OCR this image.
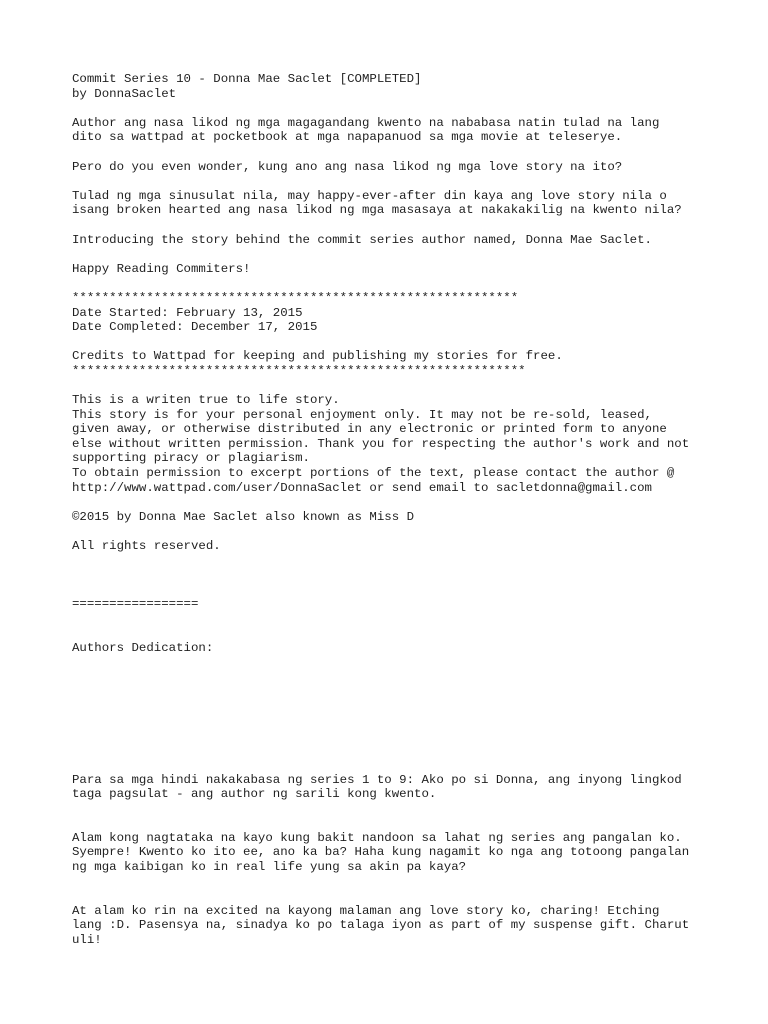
Commit Series 10 - Donna Mae Saclet [COMPLETED]
by DonnaSaclet

Author ang nasa likod ng mga magagandang kwento na nababasa natin tulad na lang
dito sa wattpad at pocketbook at mga napapanuod sa mga movie at teleserye.

Pero do you even wonder, kung ano ang nasa likod ng mga love story na ito?

Tulad ng mga sinusulat nila, may happy-ever-after din kaya ang love story nila o
isang broken hearted ang nasa likod ng mga masasaya at nakakakilig na kwento nila?

Introducing the story behind the commit series author named, Donna Mae Saclet.

Happy Reading Commiters!

************************************************************
Date Started: February 13, 2015
Date Completed: December 17, 2015

Credits to Wattpad for keeping and publishing my stories for free.
*************************************************************

This is a writen true to life story.
This story is for your personal enjoyment only. It may not be re-sold, leased,
given away, or otherwise distributed in any electronic or printed form to anyone
else without written permission. Thank you for respecting the author's work and not
supporting piracy or plagiarism.
To obtain permission to excerpt portions of the text, please contact the author @
http://www.wattpad.com/user/DonnaSaclet or send email to sacletdonna@gmail.com

©2015 by Donna Mae Saclet also known as Miss D

All rights reserved.

=================

Authors Dedication:

Para sa mga hindi nakakabasa ng series 1 to 9: Ako po si Donna, ang inyong lingkod
taga pagsulat - ang author ng sarili kong kwento.

Alam kong nagtataka na kayo kung bakit nandoon sa lahat ng series ang pangalan ko.
Syempre! Kwento ko ito ee, ano ka ba? Haha kung nagamit ko nga ang totoong pangalan
ng mga kaibigan ko in real life yung sa akin pa kaya?

At alam ko rin na excited na kayong malaman ang love story ko, charing! Etching
lang :D. Pasensya na, sinadya ko po talaga iyon as part of my suspense gift. Charut
uli!
